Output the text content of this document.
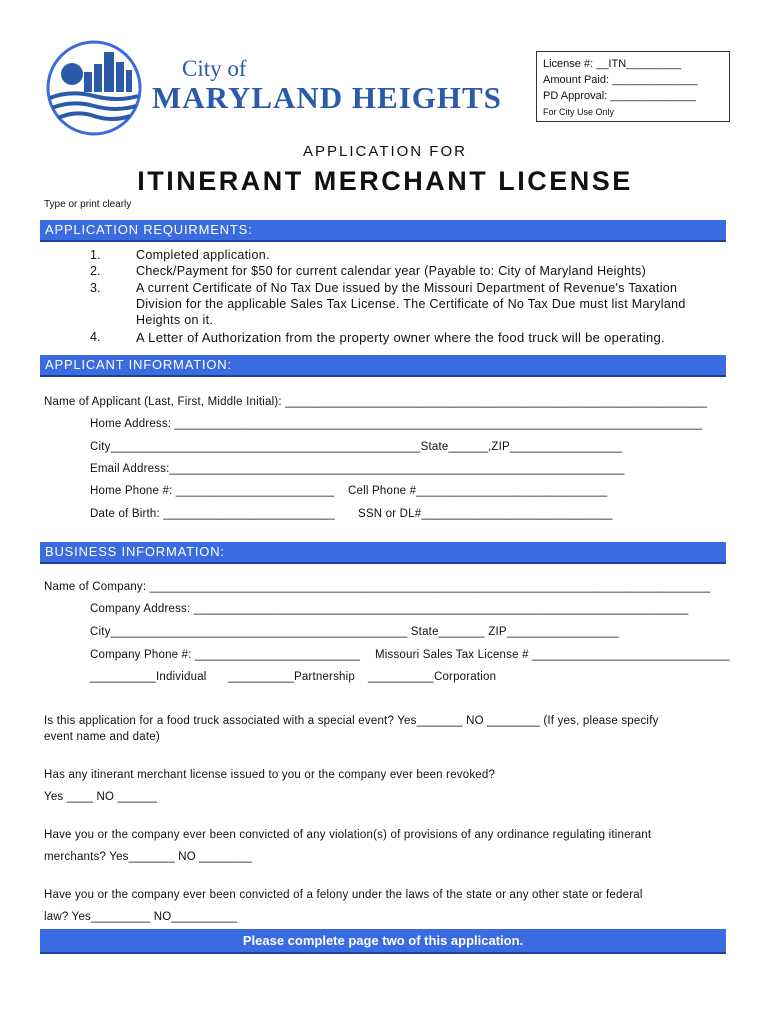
City of
MARYLAND HEIGHTS
License #: __ITN_________
Amount Paid: ______________
PD Approval: ______________
For City Use Only
APPLICATION FOR
ITINERANT MERCHANT LICENSE
Type or print clearly
APPLICATION REQUIRMENTS:
1.	Completed application.
2.	Check/Payment for $50 for current calendar year (Payable to: City of Maryland Heights)
3.	A current Certificate of No Tax Due issued by the Missouri Department of Revenue's Taxation
Division for the applicable Sales Tax License. The Certificate of No Tax Due must list Maryland
Heights on it.
4.	A Letter of Authorization from the property owner where the food truck will be operating.
APPLICANT INFORMATION:
Name of Applicant (Last, First, Middle Initial): ________________________________________________________________
Home Address: ________________________________________________________________________________
City_______________________________________________State______,ZIP_________________
Email Address:_____________________________________________________________________
Home Phone #: ________________________ Cell Phone #_____________________________
Date of Birth: __________________________ SSN or DL#_____________________________
BUSINESS INFORMATION:
Name of Company: _____________________________________________________________________________________
Company Address: ___________________________________________________________________________
City_____________________________________________ State_______ ZIP_________________
Company Phone #: _________________________ Missouri Sales Tax License # ______________________________
__________Individual __________Partnership __________Corporation
Is this application for a food truck associated with a special event? Yes_______ NO ________ (If yes, please specify
event name and date)
Has any itinerant merchant license issued to you or the company ever been revoked?
Yes ____ NO ______
Have you or the company ever been convicted of any violation(s) of provisions of any ordinance regulating itinerant
merchants? Yes_______ NO ________
Have you or the company ever been convicted of a felony under the laws of the state or any other state or federal
law? Yes_________ NO__________
Please complete page two of this application.
